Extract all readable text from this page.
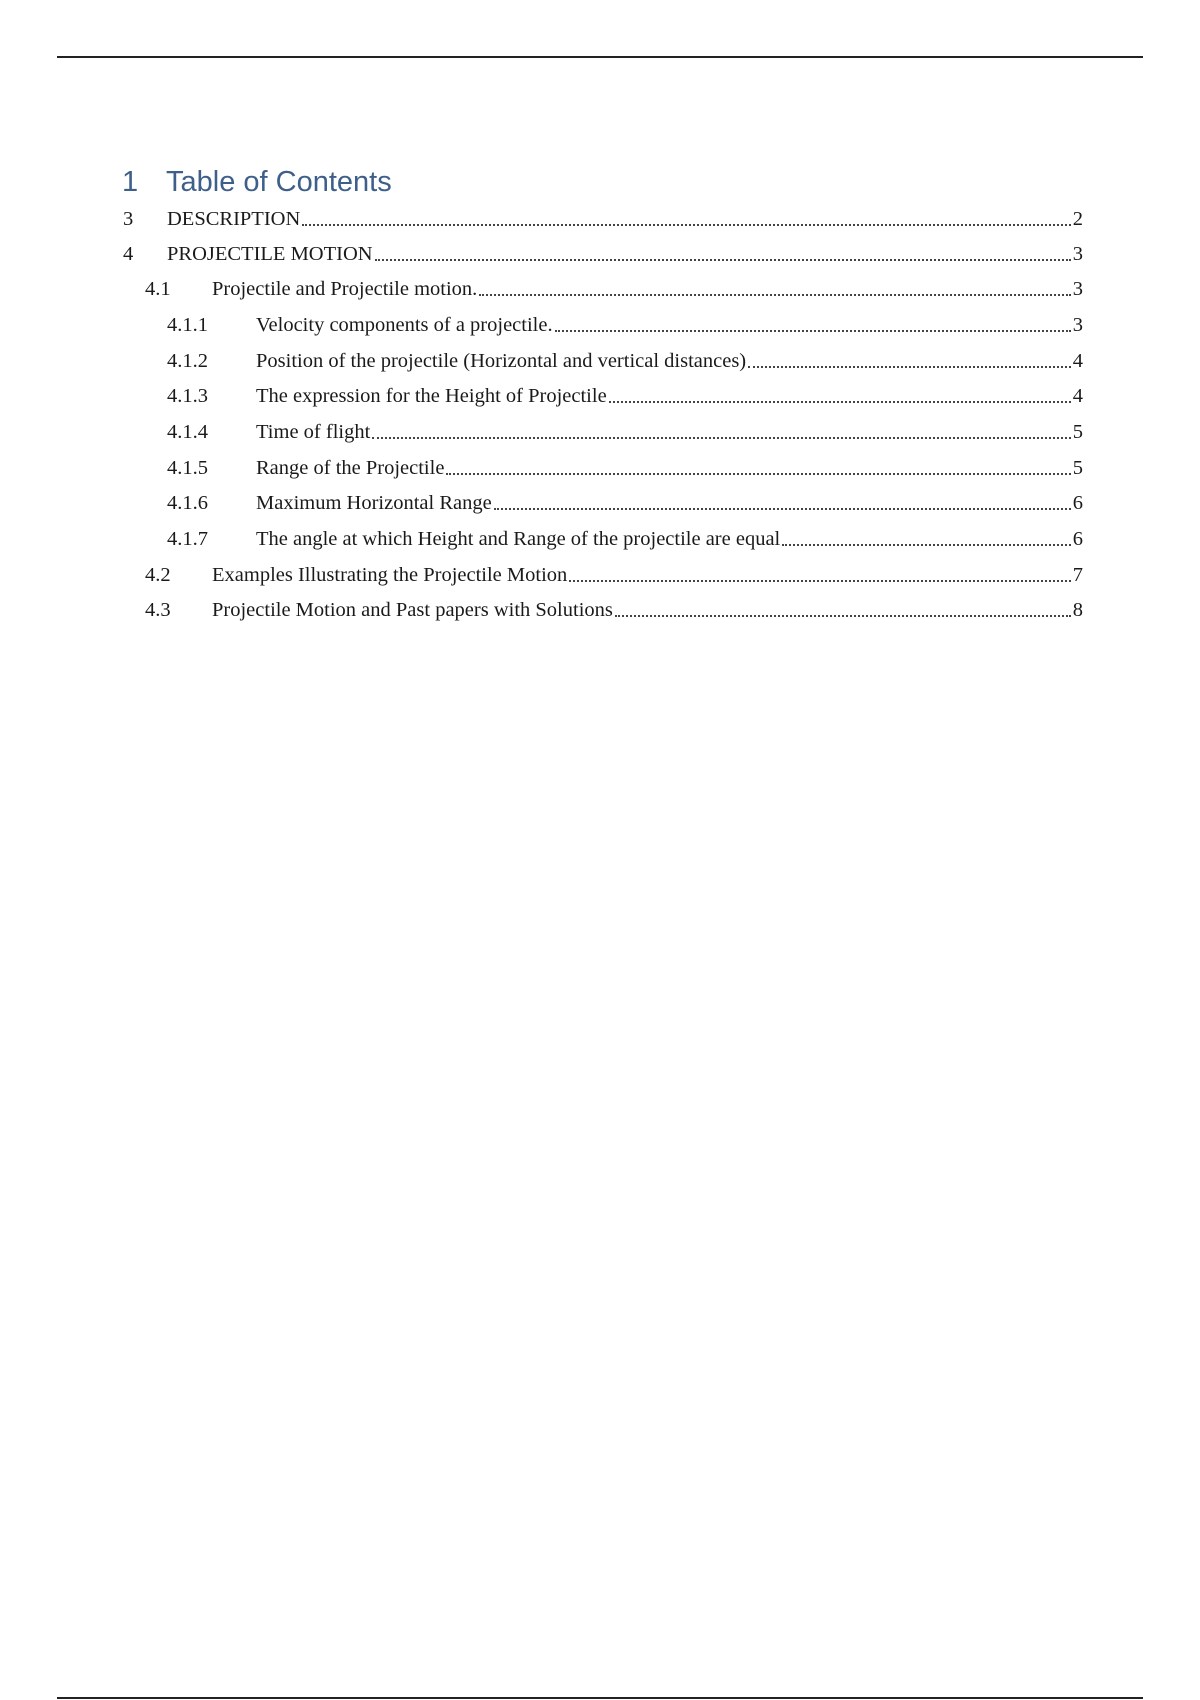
1 Table of Contents
3	DESCRIPTION	2
4	PROJECTILE MOTION	3
4.1	Projectile and Projectile motion.	3
4.1.1	Velocity components of a projectile.	3
4.1.2	Position of the projectile (Horizontal and vertical distances)	4
4.1.3	The expression for the Height of Projectile	4
4.1.4	Time of flight	5
4.1.5	Range of the Projectile	5
4.1.6	Maximum Horizontal Range	6
4.1.7	The angle at which Height and Range of the projectile are equal	6
4.2	Examples Illustrating the Projectile Motion	7
4.3	Projectile Motion and Past papers with Solutions	8
